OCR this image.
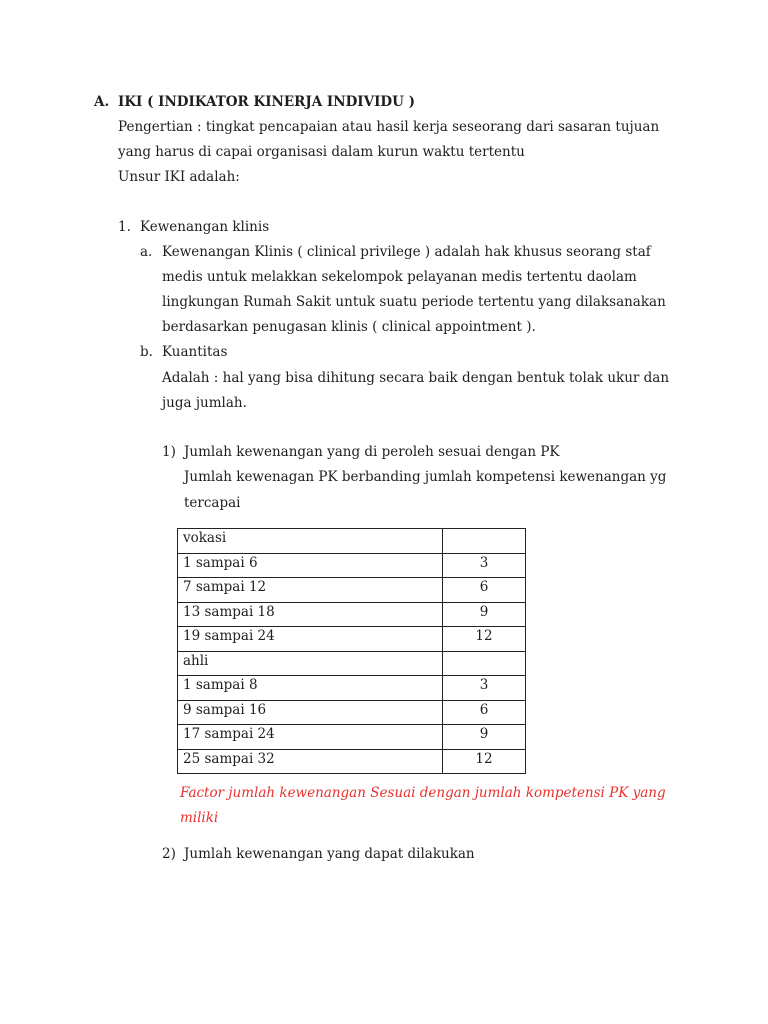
A. IKI ( INDIKATOR KINERJA INDIVIDU )
Pengertian : tingkat pencapaian atau hasil kerja seseorang dari sasaran tujuan
yang harus di capai organisasi dalam kurun waktu tertentu
Unsur IKI adalah:
1. Kewenangan klinis
a. Kewenangan Klinis ( clinical privilege ) adalah hak khusus seorang staf
medis untuk melakkan sekelompok pelayanan medis tertentu daolam
lingkungan Rumah Sakit untuk suatu periode tertentu yang dilaksanakan
berdasarkan penugasan klinis ( clinical appointment ).
b. Kuantitas
Adalah : hal yang bisa dihitung secara baik dengan bentuk tolak ukur dan
juga jumlah.
1) Jumlah kewenangan yang di peroleh sesuai dengan PK
Jumlah kewenagan PK berbanding jumlah kompetensi kewenangan yg
tercapai
vokasi	
1 sampai 6	3
7 sampai 12	6
13 sampai 18	9
19 sampai 24	12
ahli	
1 sampai 8	3
9 sampai 16	6
17 sampai 24	9
25 sampai 32	12
Factor jumlah kewenangan Sesuai dengan jumlah kompetensi PK yang
miliki
2) Jumlah kewenangan yang dapat dilakukan
